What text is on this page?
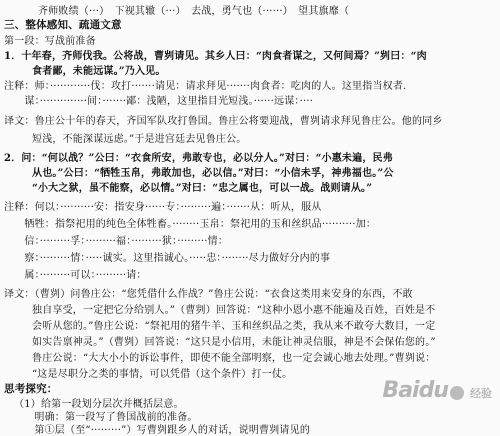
齐师败绩（···）　下视其辙（···）　去战，勇气也（······）　望其旗靡（　
三、整体感知、疏通文意
第一段：写战前准备
1．十年春，齐师伐我。公将战，曹刿请见。其乡人曰：“肉食者谋之，又何间焉？”刿曰：“肉
食者鄙，未能远谋。”乃入见。
注释：师：············伐：攻打·······请见：请求拜见·······肉食者：吃肉的人。这里指当权者.
　　谋：··············间：·······鄙：浅陋，这里指目光短浅。······远谋：····
译文：鲁庄公十年的春天，齐国军队攻打鲁国。鲁庄公将要迎战，曹刿请求拜见鲁庄公。他的同乡
短浅，不能深谋远虑。”于是进宫廷去见鲁庄公。
2．问：“何以战？”公曰：“衣食所安，弗敢专也，必以分人。”对曰：“小惠未遍，民弗
从也。”公曰：“牺牲玉帛，弗敢加也，必以信。”对曰：“小信未孚，神弗福也。”公
“小大之狱，虽不能察，必以情。”对曰：“忠之属也，可以一战。战则请从。”
注释：何以：··········安：指安身······专：·········遍：·······从：听从，服从
　　牺牲：指祭祀用的纯色全体牲畜。········玉帛：祭祀用的玉和丝织品··········加：
　　信：·········孚：·········福：·········狱：·········情：
　　察：·········情：·····诚实。这里指诚心。·····忠：········尽力做好分内的事
　　属：·········可以：·········请：
译文：（曹刿）问鲁庄公：“您凭借什么作战？”鲁庄公说：“衣食这类用来安身的东西，不敢
独自享受，一定把它分给别人。”（曹刿）回答说：“这种小恩小惠不能遍及百姓，百姓是不
会听从您的。”鲁庄公说：“祭祀用的猪牛羊、玉和丝织品之类，我从来不敢夸大数目，一定
如实告禀神灵。”（曹刿）回答说：“这只是小信用，未能让神灵信服，神是不会保佑您的。”
鲁庄公说：“大大小小的诉讼事件，即使不能全部明察，也一定会诚心地去处理。”曹刿说：
“这是尽职分之类的事情，可以凭借（这个条件）打一仗。
思考探究：
（1）给第一段划分层次并概括层意。
　　明确：第一段写了鲁国战前的准备。
　　第①层（至“·········”）写曹刿跟乡人的对话，说明曹刿请见的
Baidu 经验
